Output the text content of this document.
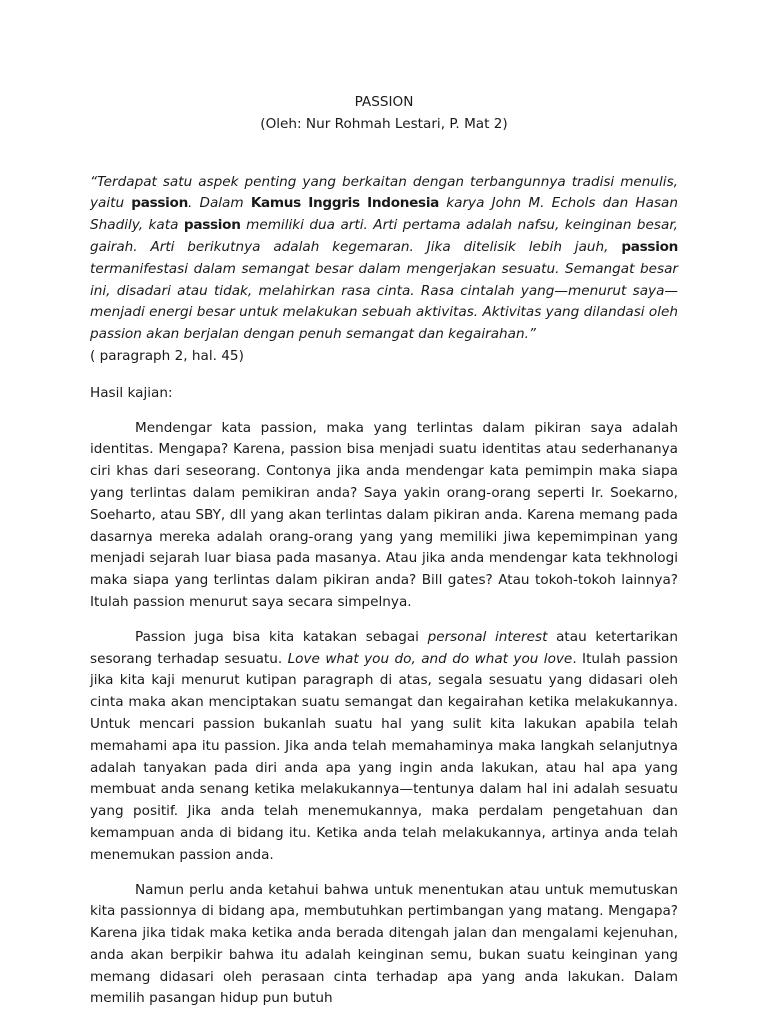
PASSION

(Oleh: Nur Rohmah Lestari, P. Mat 2)

“Terdapat satu aspek penting yang berkaitan dengan terbangunnya tradisi menulis, yaitu passion. Dalam Kamus Inggris Indonesia karya John M. Echols dan Hasan Shadily, kata passion memiliki dua arti. Arti pertama adalah nafsu, keinginan besar, gairah. Arti berikutnya adalah kegemaran. Jika ditelisik lebih jauh, passion termanifestasi dalam semangat besar dalam mengerjakan sesuatu. Semangat besar ini, disadari atau tidak, melahirkan rasa cinta. Rasa cintalah yang—menurut saya—menjadi energi besar untuk melakukan sebuah aktivitas. Aktivitas yang dilandasi oleh passion akan berjalan dengan penuh semangat dan kegairahan.”

( paragraph 2, hal. 45)

Hasil kajian:

Mendengar kata passion, maka yang terlintas dalam pikiran saya adalah identitas. Mengapa? Karena, passion bisa menjadi suatu identitas atau sederhananya ciri khas dari seseorang. Contonya jika anda mendengar kata pemimpin maka siapa yang terlintas dalam pemikiran anda? Saya yakin orang-orang seperti Ir. Soekarno, Soeharto, atau SBY, dll yang akan terlintas dalam pikiran anda. Karena memang pada dasarnya mereka adalah orang-orang yang yang memiliki jiwa kepemimpinan yang menjadi sejarah luar biasa pada masanya. Atau jika anda mendengar kata tekhnologi maka siapa yang terlintas dalam pikiran anda? Bill gates? Atau tokoh-tokoh lainnya? Itulah passion menurut saya secara simpelnya.

Passion juga bisa kita katakan sebagai personal interest atau ketertarikan sesorang terhadap sesuatu. Love what you do, and do what you love. Itulah passion jika kita kaji menurut kutipan paragraph di atas, segala sesuatu yang didasari oleh cinta maka akan menciptakan suatu semangat dan kegairahan ketika melakukannya. Untuk mencari passion bukanlah suatu hal yang sulit kita lakukan apabila telah memahami apa itu passion. Jika anda telah memahaminya maka langkah selanjutnya adalah tanyakan pada diri anda apa yang ingin anda lakukan, atau hal apa yang membuat anda senang ketika melakukannya—tentunya dalam hal ini adalah sesuatu yang positif. Jika anda telah menemukannya, maka perdalam pengetahuan dan kemampuan anda di bidang itu. Ketika anda telah melakukannya, artinya anda telah menemukan passion anda.

Namun perlu anda ketahui bahwa untuk menentukan atau untuk memutuskan kita passionnya di bidang apa, membutuhkan pertimbangan yang matang. Mengapa? Karena jika tidak maka ketika anda berada ditengah jalan dan mengalami kejenuhan, anda akan berpikir bahwa itu adalah keinginan semu, bukan suatu keinginan yang memang didasari oleh perasaan cinta terhadap apa yang anda lakukan. Dalam memilih pasangan hidup pun butuh
